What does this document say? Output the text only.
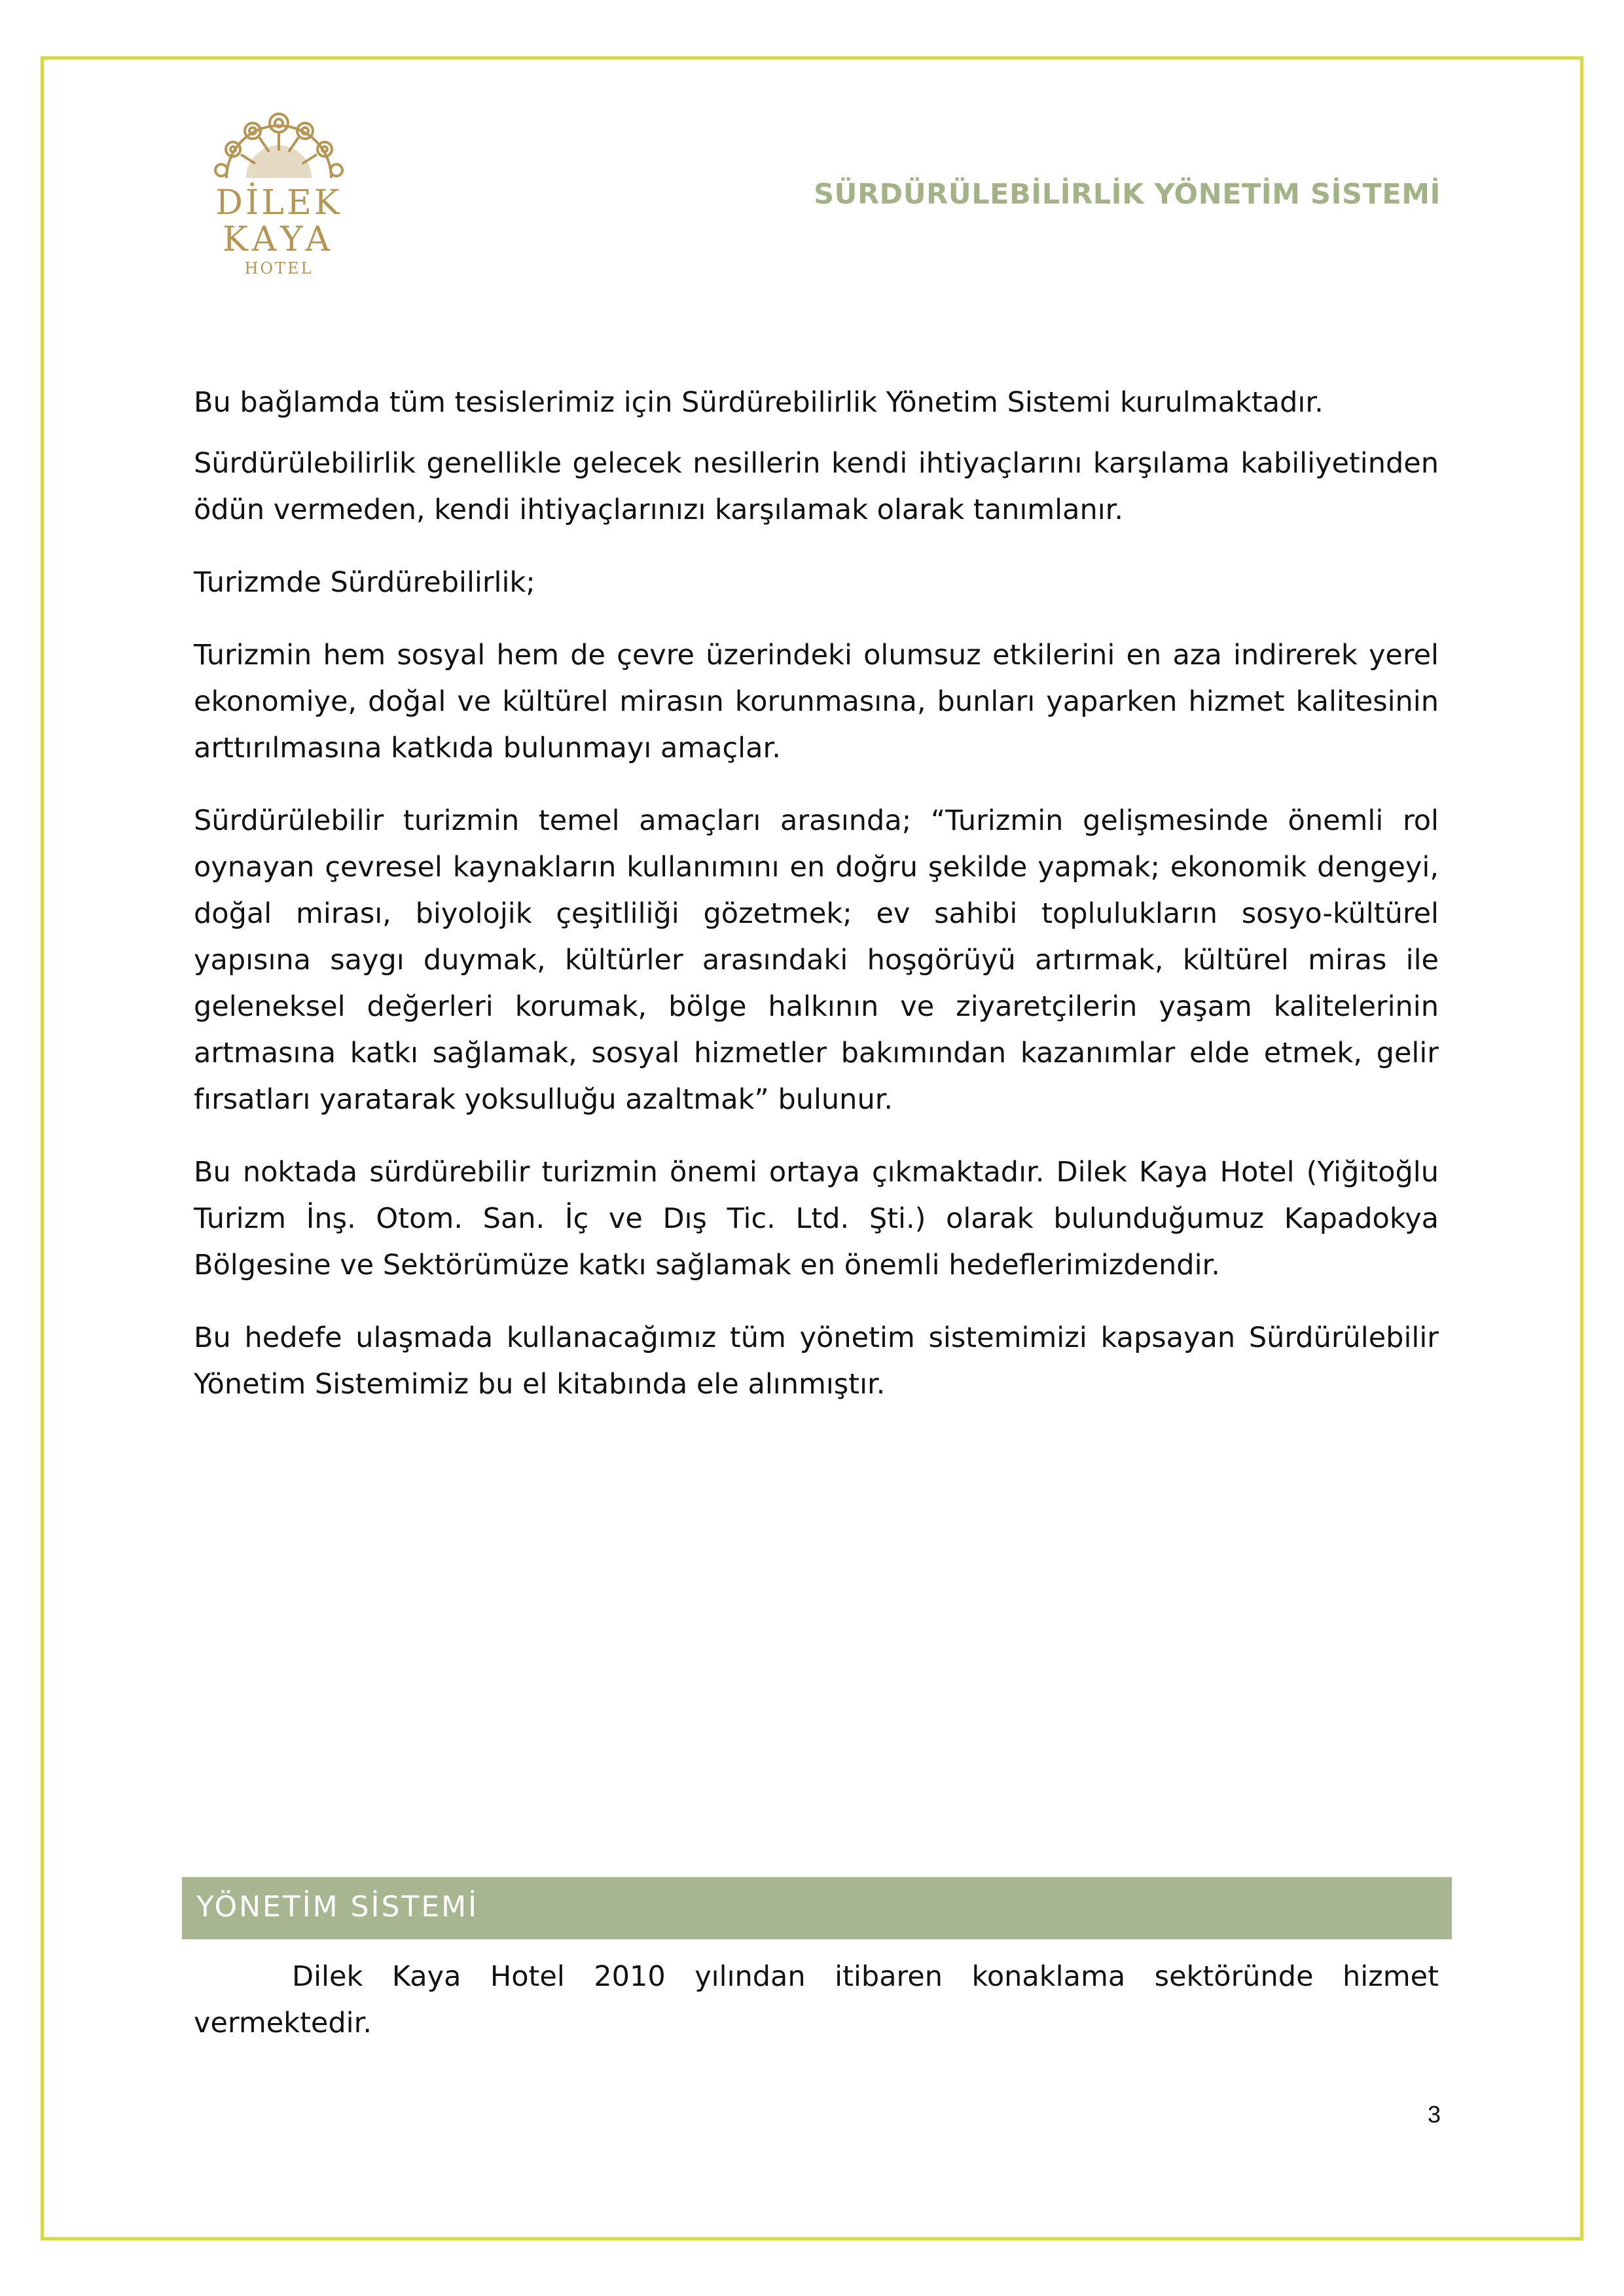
DİLEK
KAYA
HOTEL
SÜRDÜRÜLEBİLİRLİK YÖNETİM SİSTEMİ

Bu bağlamda tüm tesislerimiz için Sürdürebilirlik Yönetim Sistemi kurulmaktadır.

Sürdürülebilirlik genellikle gelecek nesillerin kendi ihtiyaçlarını karşılama kabiliyetinden ödün vermeden, kendi ihtiyaçlarınızı karşılamak olarak tanımlanır.

Turizmde Sürdürebilirlik;

Turizmin hem sosyal hem de çevre üzerindeki olumsuz etkilerini en aza indirerek yerel ekonomiye, doğal ve kültürel mirasın korunmasına, bunları yaparken hizmet kalitesinin arttırılmasına katkıda bulunmayı amaçlar.

Sürdürülebilir turizmin temel amaçları arasında; “Turizmin gelişmesinde önemli rol oynayan çevresel kaynakların kullanımını en doğru şekilde yapmak; ekonomik dengeyi, doğal mirası, biyolojik çeşitliliği gözetmek; ev sahibi toplulukların sosyo-kültürel yapısına saygı duymak, kültürler arasındaki hoşgörüyü artırmak, kültürel miras ile geleneksel değerleri korumak, bölge halkının ve ziyaretçilerin yaşam kalitelerinin artmasına katkı sağlamak, sosyal hizmetler bakımından kazanımlar elde etmek, gelir fırsatları yaratarak yoksulluğu azaltmak” bulunur.

Bu noktada sürdürebilir turizmin önemi ortaya çıkmaktadır. Dilek Kaya Hotel (Yiğitoğlu Turizm İnş. Otom. San. İç ve Dış Tic. Ltd. Şti.) olarak bulunduğumuz Kapadokya Bölgesine ve Sektörümüze katkı sağlamak en önemli hedeflerimizdendir.

Bu hedefe ulaşmada kullanacağımız tüm yönetim sistemimizi kapsayan Sürdürülebilir Yönetim Sistemimiz bu el kitabında ele alınmıştır.

YÖNETİM SİSTEMİ

Dilek Kaya Hotel 2010 yılından itibaren konaklama sektöründe hizmet vermektedir.

3
